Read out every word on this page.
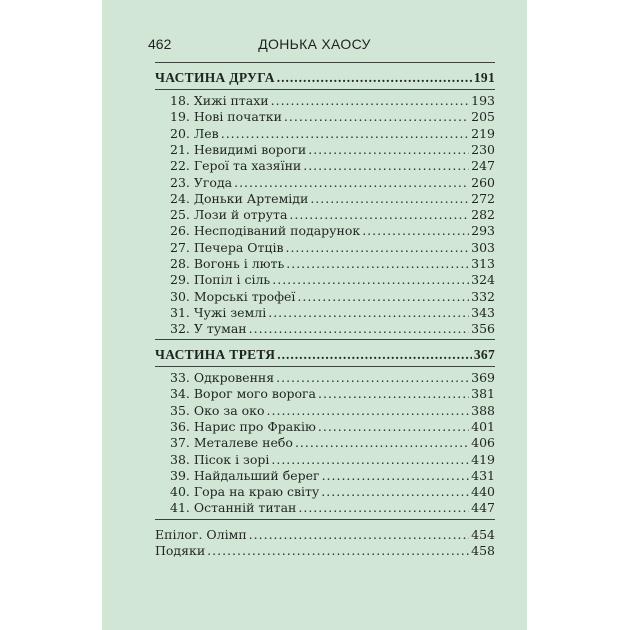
462	ДОНЬКА ХАОСУ
ЧАСТИНА ДРУГА .....	191
18. Хижі птахи .....	193
19. Нові початки .....	205
20. Лев .....	219
21. Невидимі вороги .....	230
22. Герої та хазяїни .....	247
23. Угода .....	260
24. Доньки Артеміди .....	272
25. Лози й отрута .....	282
26. Несподіваний подарунок .....	293
27. Печера Отців .....	303
28. Вогонь і лють .....	313
29. Попіл і сіль .....	324
30. Морські трофеї .....	332
31. Чужі землі .....	343
32. У туман .....	356
ЧАСТИНА ТРЕТЯ .....	367
33. Одкровення .....	369
34. Ворог мого ворога .....	381
35. Око за око .....	388
36. Нарис про Фракію .....	401
37. Металеве небо .....	406
38. Пісок і зорі .....	419
39. Найдальший берег .....	431
40. Гора на краю світу .....	440
41. Останній титан .....	447
Епілог. Олімп .....	454
Подяки .....	458
